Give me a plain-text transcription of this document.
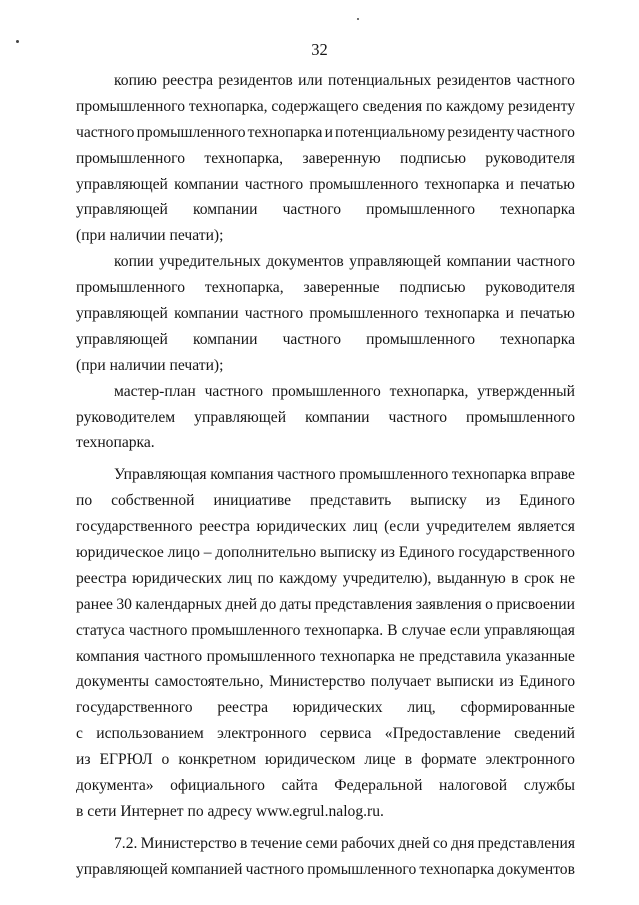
32
копию реестра резидентов или потенциальных резидентов частного
промышленного технопарка, содержащего сведения по каждому резиденту
частного промышленного технопарка и потенциальному резиденту частного
промышленного технопарка, заверенную подписью руководителя
управляющей компании частного промышленного технопарка и печатью
управляющей компании частного промышленного технопарка
(при наличии печати);
копии учредительных документов управляющей компании частного
промышленного технопарка, заверенные подписью руководителя
управляющей компании частного промышленного технопарка и печатью
управляющей компании частного промышленного технопарка
(при наличии печати);
мастер-план частного промышленного технопарка, утвержденный
руководителем управляющей компании частного промышленного
технопарка.
Управляющая компания частного промышленного технопарка вправе
по собственной инициативе представить выписку из Единого
государственного реестра юридических лиц (если учредителем является
юридическое лицо – дополнительно выписку из Единого государственного
реестра юридических лиц по каждому учредителю), выданную в срок не
ранее 30 календарных дней до даты представления заявления о присвоении
статуса частного промышленного технопарка. В случае если управляющая
компания частного промышленного технопарка не представила указанные
документы самостоятельно, Министерство получает выписки из Единого
государственного реестра юридических лиц, сформированные
с использованием электронного сервиса «Предоставление сведений
из ЕГРЮЛ о конкретном юридическом лице в формате электронного
документа» официального сайта Федеральной налоговой службы
в сети Интернет по адресу www.egrul.nalog.ru.
7.2. Министерство в течение семи рабочих дней со дня представления
управляющей компанией частного промышленного технопарка документов
